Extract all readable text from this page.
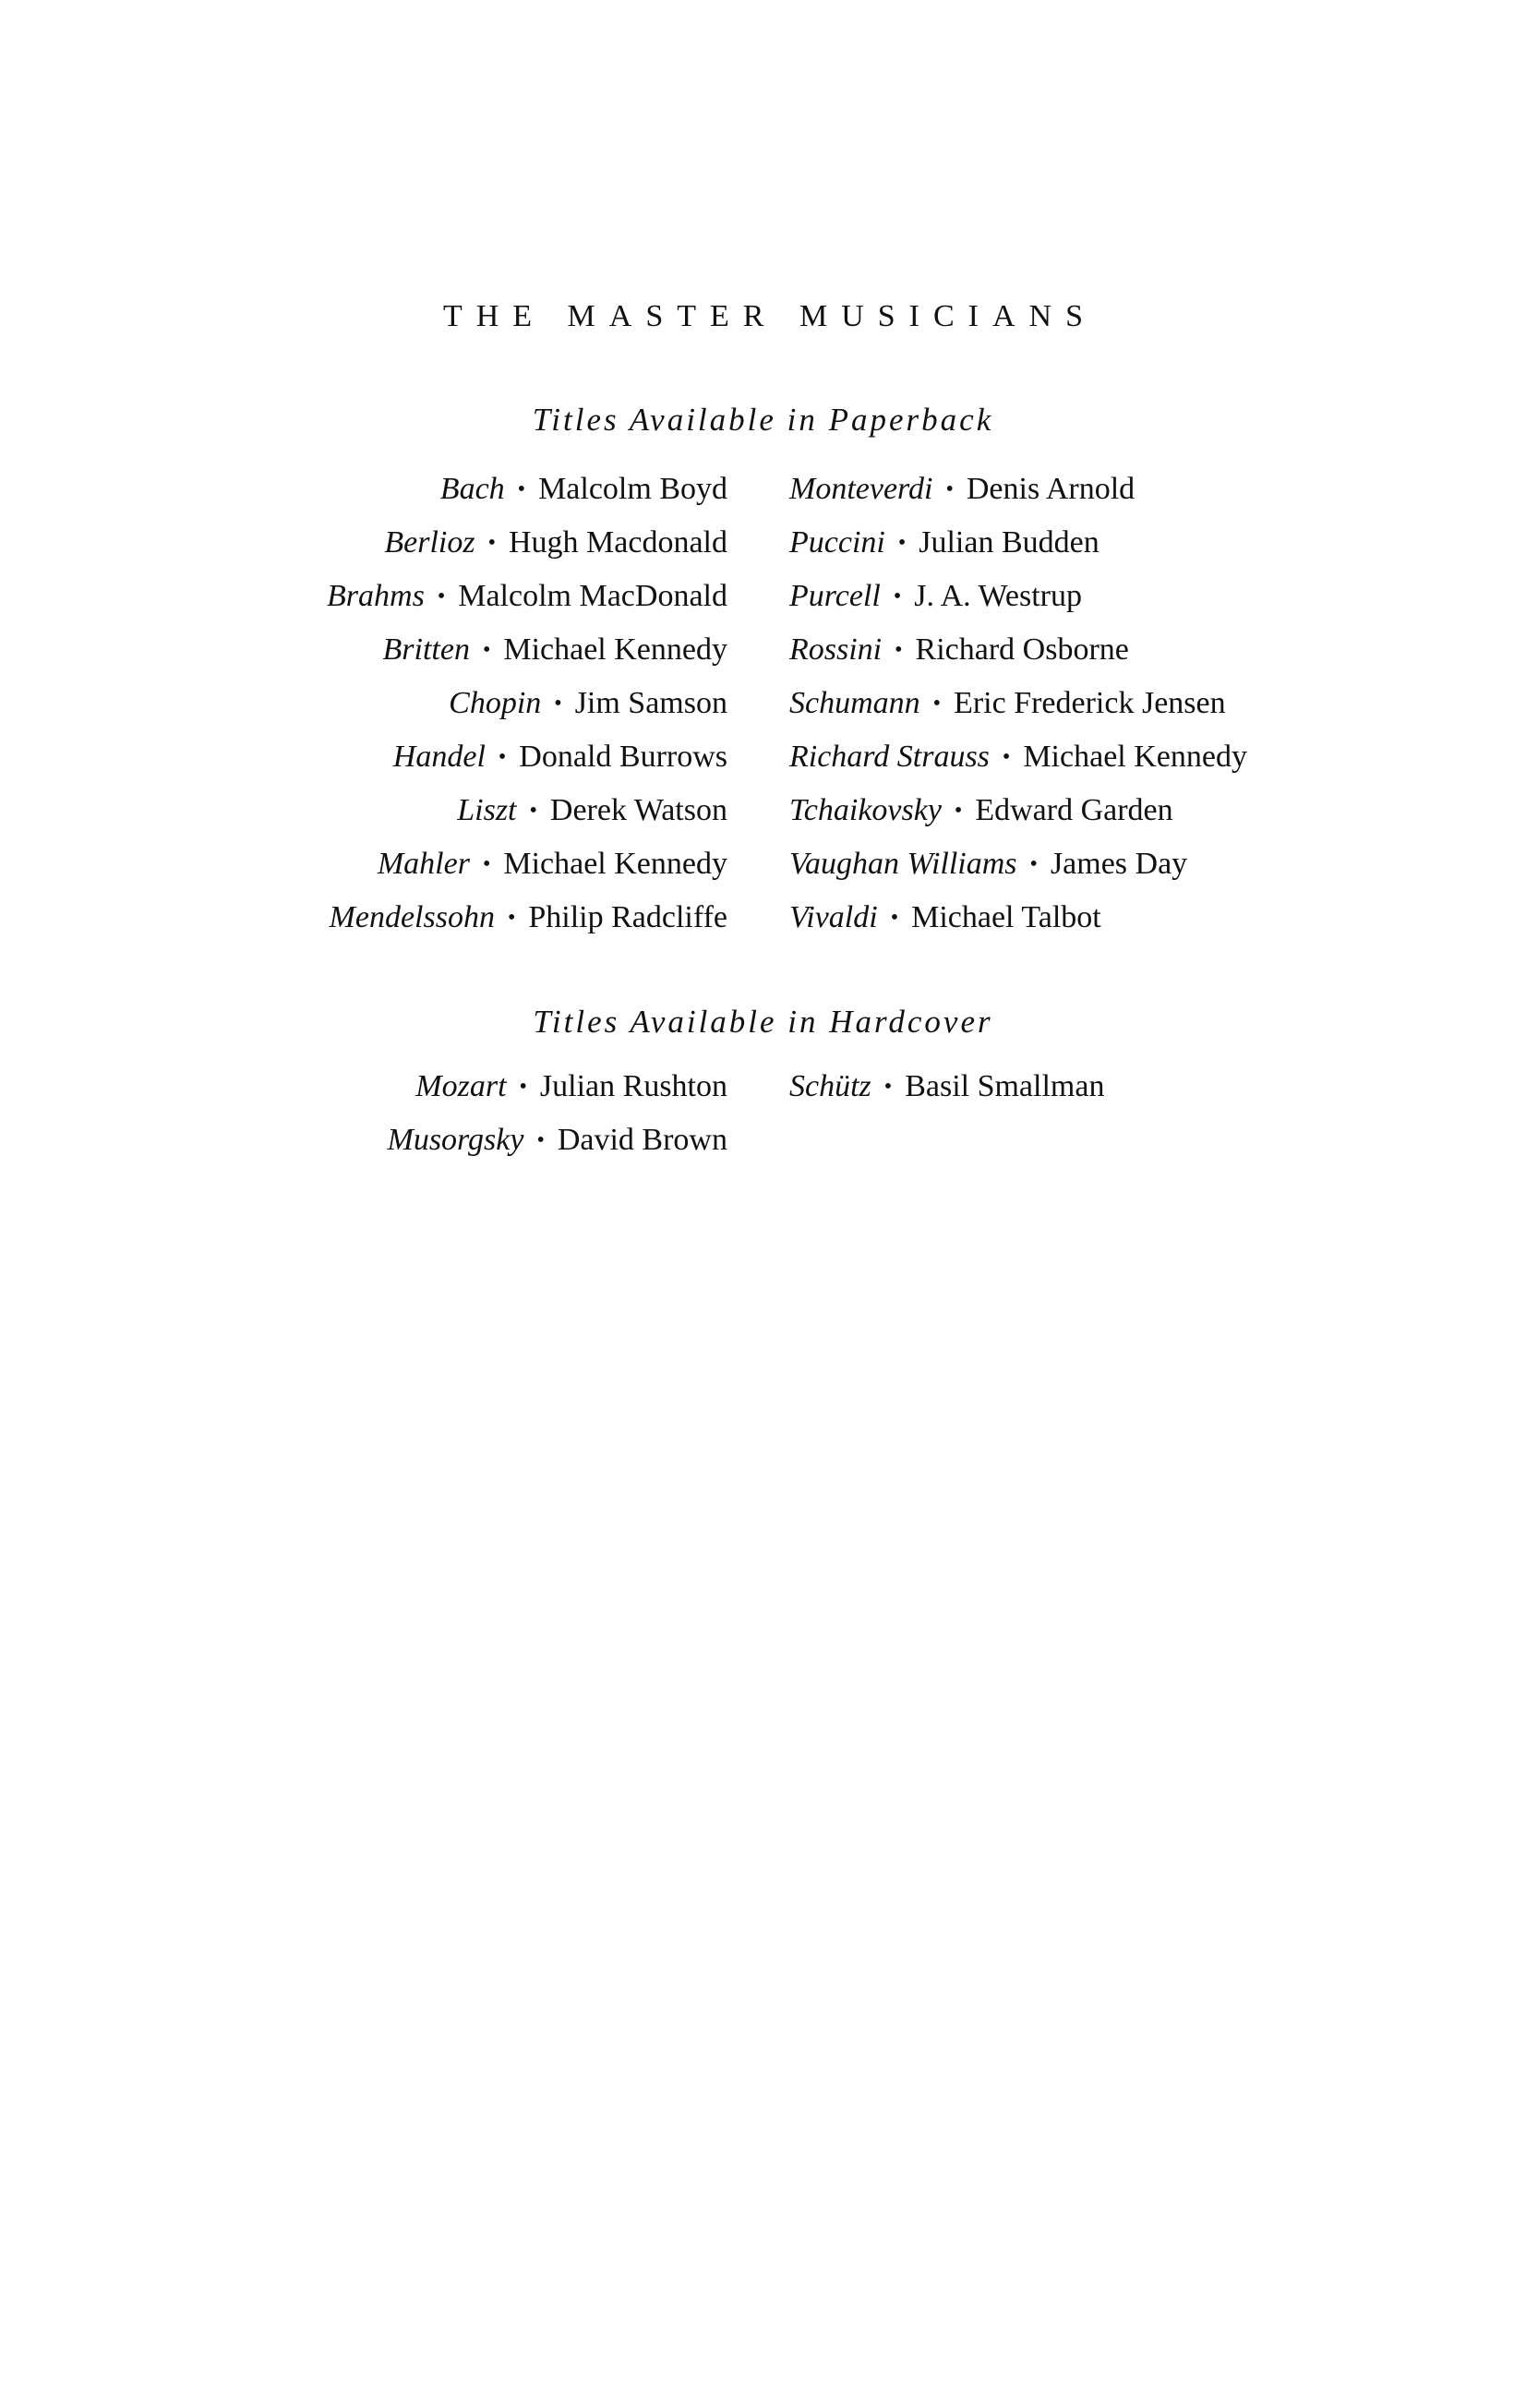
THE MASTER MUSICIANS
Titles Available in Paperback
Bach • Malcolm Boyd
Berlioz • Hugh Macdonald
Brahms • Malcolm MacDonald
Britten • Michael Kennedy
Chopin • Jim Samson
Handel • Donald Burrows
Liszt • Derek Watson
Mahler • Michael Kennedy
Mendelssohn • Philip Radcliffe
Monteverdi • Denis Arnold
Puccini • Julian Budden
Purcell • J. A. Westrup
Rossini • Richard Osborne
Schumann • Eric Frederick Jensen
Richard Strauss • Michael Kennedy
Tchaikovsky • Edward Garden
Vaughan Williams • James Day
Vivaldi • Michael Talbot
Titles Available in Hardcover
Mozart • Julian Rushton
Musorgsky • David Brown
Schütz • Basil Smallman
